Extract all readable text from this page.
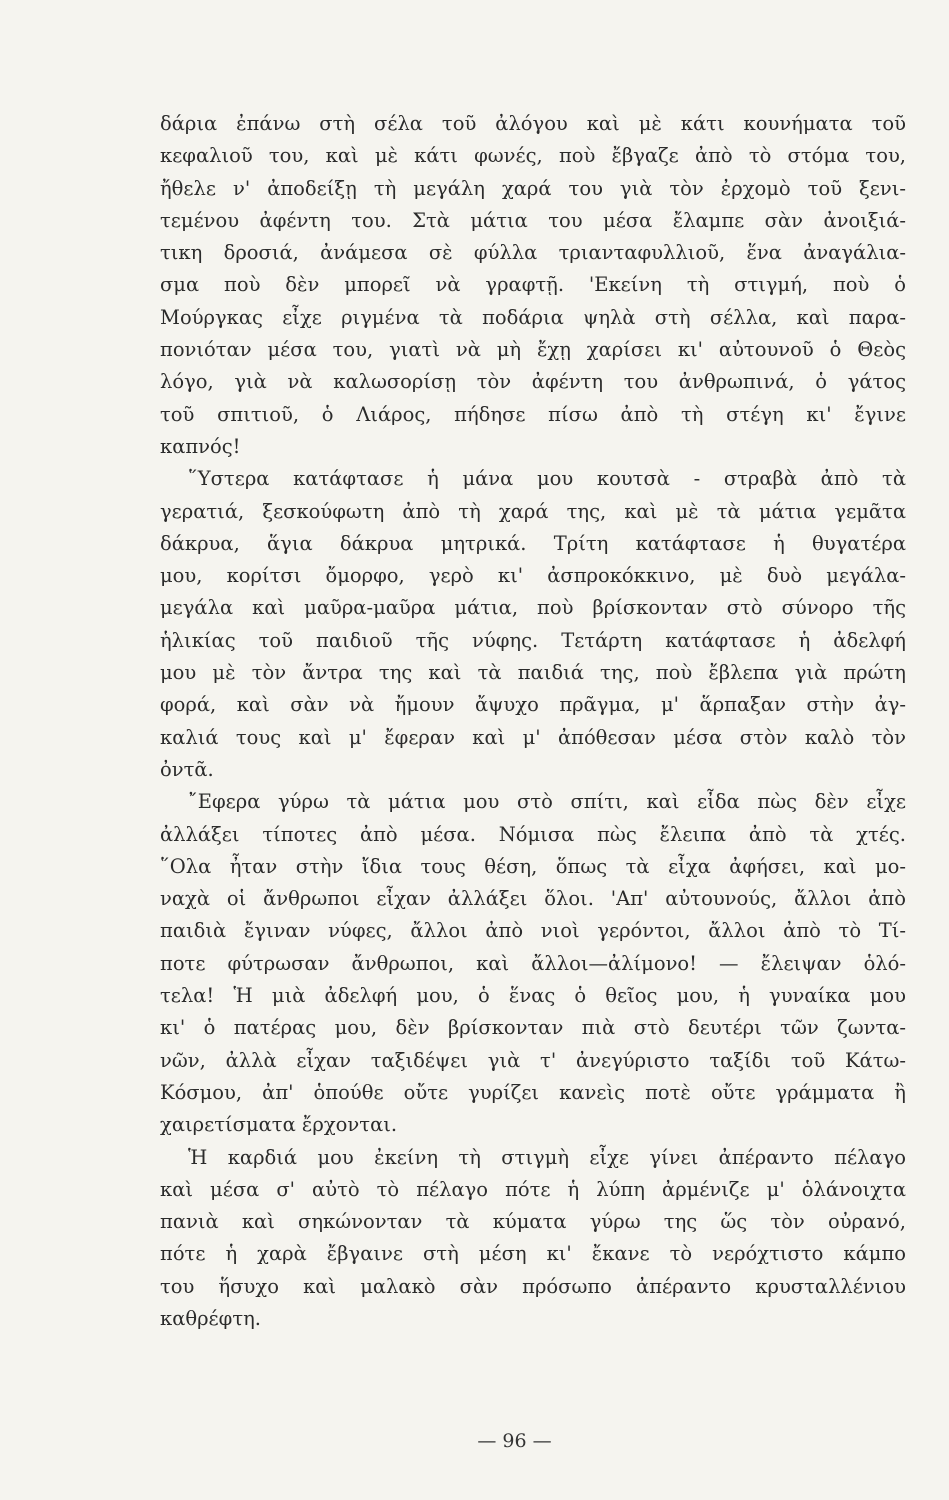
δάρια ἐπάνω στὴ σέλα τοῦ ἀλόγου καὶ μὲ κάτι κουνήματα τοῦ
κεφαλιοῦ του, καὶ μὲ κάτι φωνές, ποὺ ἔβγαζε ἀπὸ τὸ στόμα του,
ἤθελε ν' ἀποδείξῃ τὴ μεγάλη χαρά του γιὰ τὸν ἐρχομὸ τοῦ ξενι-
τεμένου ἀφέντη του. Στὰ μάτια του μέσα ἔλαμπε σὰν ἀνοιξιά-
τικη δροσιά, ἀνάμεσα σὲ φύλλα τριανταφυλλιοῦ, ἕνα ἀναγάλια-
σμα ποὺ δὲν μπορεῖ νὰ γραφτῇ. 'Εκείνη τὴ στιγμή, ποὺ ὁ
Μούργκας εἶχε ριγμένα τὰ ποδάρια ψηλὰ στὴ σέλλα, καὶ παρα-
πονιόταν μέσα του, γιατὶ νὰ μὴ ἔχῃ χαρίσει κι' αὐτουνοῦ ὁ Θεὸς
λόγο, γιὰ νὰ καλωσορίσῃ τὸν ἀφέντη του ἀνθρωπινά, ὁ γάτος
τοῦ σπιτιοῦ, ὁ Λιάρος, πήδησε πίσω ἀπὸ τὴ στέγη κι' ἔγινε
καπνός!
῞Υστερα κατάφτασε ἡ μάνα μου κουτσὰ - στραβὰ ἀπὸ τὰ
γερατιά, ξεσκούφωτη ἀπὸ τὴ χαρά της, καὶ μὲ τὰ μάτια γεμᾶτα
δάκρυα, ἅγια δάκρυα μητρικά. Τρίτη κατάφτασε ἡ θυγατέρα
μου, κορίτσι ὄμορφο, γερὸ κι' ἀσπροκόκκινο, μὲ δυὸ μεγάλα-
μεγάλα καὶ μαῦρα-μαῦρα μάτια, ποὺ βρίσκονταν στὸ σύνορο τῆς
ἡλικίας τοῦ παιδιοῦ τῆς νύφης. Τετάρτη κατάφτασε ἡ ἀδελφή
μου μὲ τὸν ἄντρα της καὶ τὰ παιδιά της, ποὺ ἔβλεπα γιὰ πρώτη
φορά, καὶ σὰν νὰ ἤμουν ἄψυχο πρᾶγμα, μ' ἅρπαξαν στὴν ἀγ-
καλιά τους καὶ μ' ἔφεραν καὶ μ' ἀπόθεσαν μέσα στὸν καλὸ τὸν
ὀντᾶ.
῎Εφερα γύρω τὰ μάτια μου στὸ σπίτι, καὶ εἶδα πὼς δὲν εἶχε
ἀλλάξει τίποτες ἀπὸ μέσα. Νόμισα πὼς ἔλειπα ἀπὸ τὰ χτές.
῞Ολα ἦταν στὴν ἴδια τους θέση, ὅπως τὰ εἶχα ἀφήσει, καὶ μο-
ναχὰ οἱ ἄνθρωποι εἶχαν ἀλλάξει ὅλοι. 'Απ' αὐτουνούς, ἄλλοι ἀπὸ
παιδιὰ ἔγιναν νύφες, ἄλλοι ἀπὸ νιοὶ γερόντοι, ἄλλοι ἀπὸ τὸ Τί-
ποτε φύτρωσαν ἄνθρωποι, καὶ ἄλλοι—ἀλίμονο! — ἔλειψαν ὁλό-
τελα! Ἡ μιὰ ἀδελφή μου, ὁ ἕνας ὁ θεῖος μου, ἡ γυναίκα μου
κι' ὁ πατέρας μου, δὲν βρίσκονταν πιὰ στὸ δευτέρι τῶν ζωντα-
νῶν, ἀλλὰ εἶχαν ταξιδέψει γιὰ τ' ἀνεγύριστο ταξίδι τοῦ Κάτω-
Κόσμου, ἀπ' ὁπούθε οὔτε γυρίζει κανεὶς ποτὲ οὔτε γράμματα ἢ
χαιρετίσματα ἔρχονται.
Ἡ καρδιά μου ἐκείνη τὴ στιγμὴ εἶχε γίνει ἀπέραντο πέλαγο
καὶ μέσα σ' αὐτὸ τὸ πέλαγο πότε ἡ λύπη ἀρμένιζε μ' ὁλάνοιχτα
πανιὰ καὶ σηκώνονταν τὰ κύματα γύρω της ὥς τὸν οὐρανό,
πότε ἡ χαρὰ ἔβγαινε στὴ μέση κι' ἔκανε τὸ νερόχτιστο κάμπο
του ἥσυχο καὶ μαλακὸ σὰν πρόσωπο ἀπέραντο κρυσταλλένιου
καθρέφτη.
— 96 —
